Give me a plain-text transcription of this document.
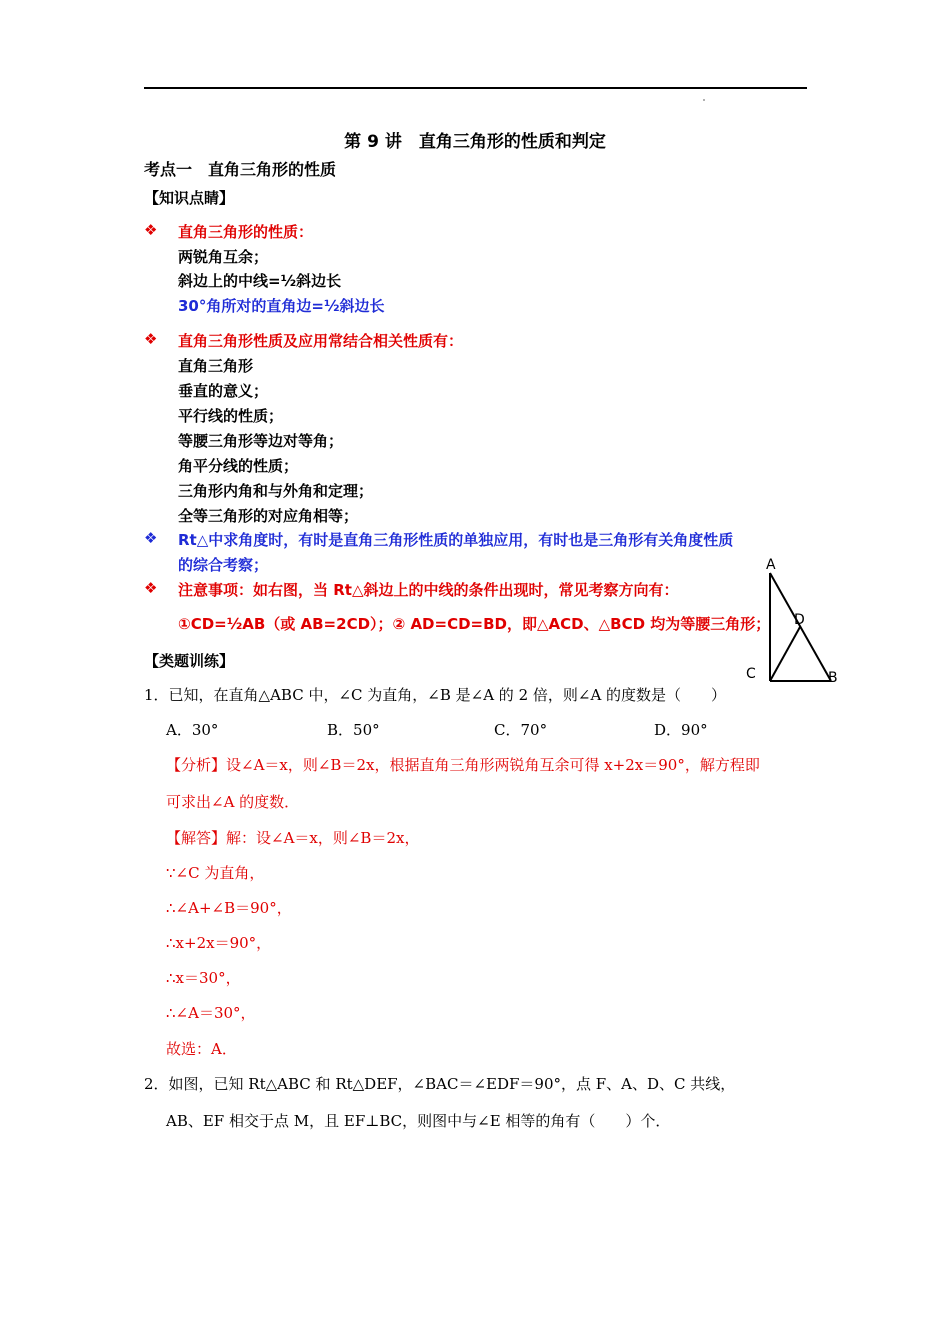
第 9 讲　直角三角形的性质和判定
考点一　直角三角形的性质
【知识点睛】
❖ 直角三角形的性质：
两锐角互余；
斜边上的中线=½斜边长
30°角所对的直角边=½斜边长
❖ 直角三角形性质及应用常结合相关性质有：
直角三角形
垂直的意义；
平行线的性质；
等腰三角形等边对等角；
角平分线的性质；
三角形内角和与外角和定理；
全等三角形的对应角相等；
❖ Rt△中求角度时，有时是直角三角形性质的单独应用，有时也是三角形有关角度性质
的综合考察；
❖ 注意事项：如右图，当 Rt△斜边上的中线的条件出现时，常见考察方向有：
①CD=½AB（或 AB=2CD）；② AD=CD=BD，即△ACD、△BCD 均为等腰三角形；
A
B
C
D
【类题训练】
1．已知，在直角△ABC 中，∠C 为直角，∠B 是∠A 的 2 倍，则∠A 的度数是（　　）
A．30°	B．50°	C．70°	D．90°
【分析】设∠A＝x，则∠B＝2x，根据直角三角形两锐角互余可得 x+2x＝90°，解方程即
可求出∠A 的度数．
【解答】解：设∠A＝x，则∠B＝2x，
∵∠C 为直角，
∴∠A+∠B＝90°，
∴x+2x＝90°，
∴x＝30°，
∴∠A＝30°，
故选：A．
2．如图，已知 Rt△ABC 和 Rt△DEF，∠BAC＝∠EDF＝90°，点 F、A、D、C 共线，
AB、EF 相交于点 M，且 EF⊥BC，则图中与∠E 相等的角有（　　）个．
